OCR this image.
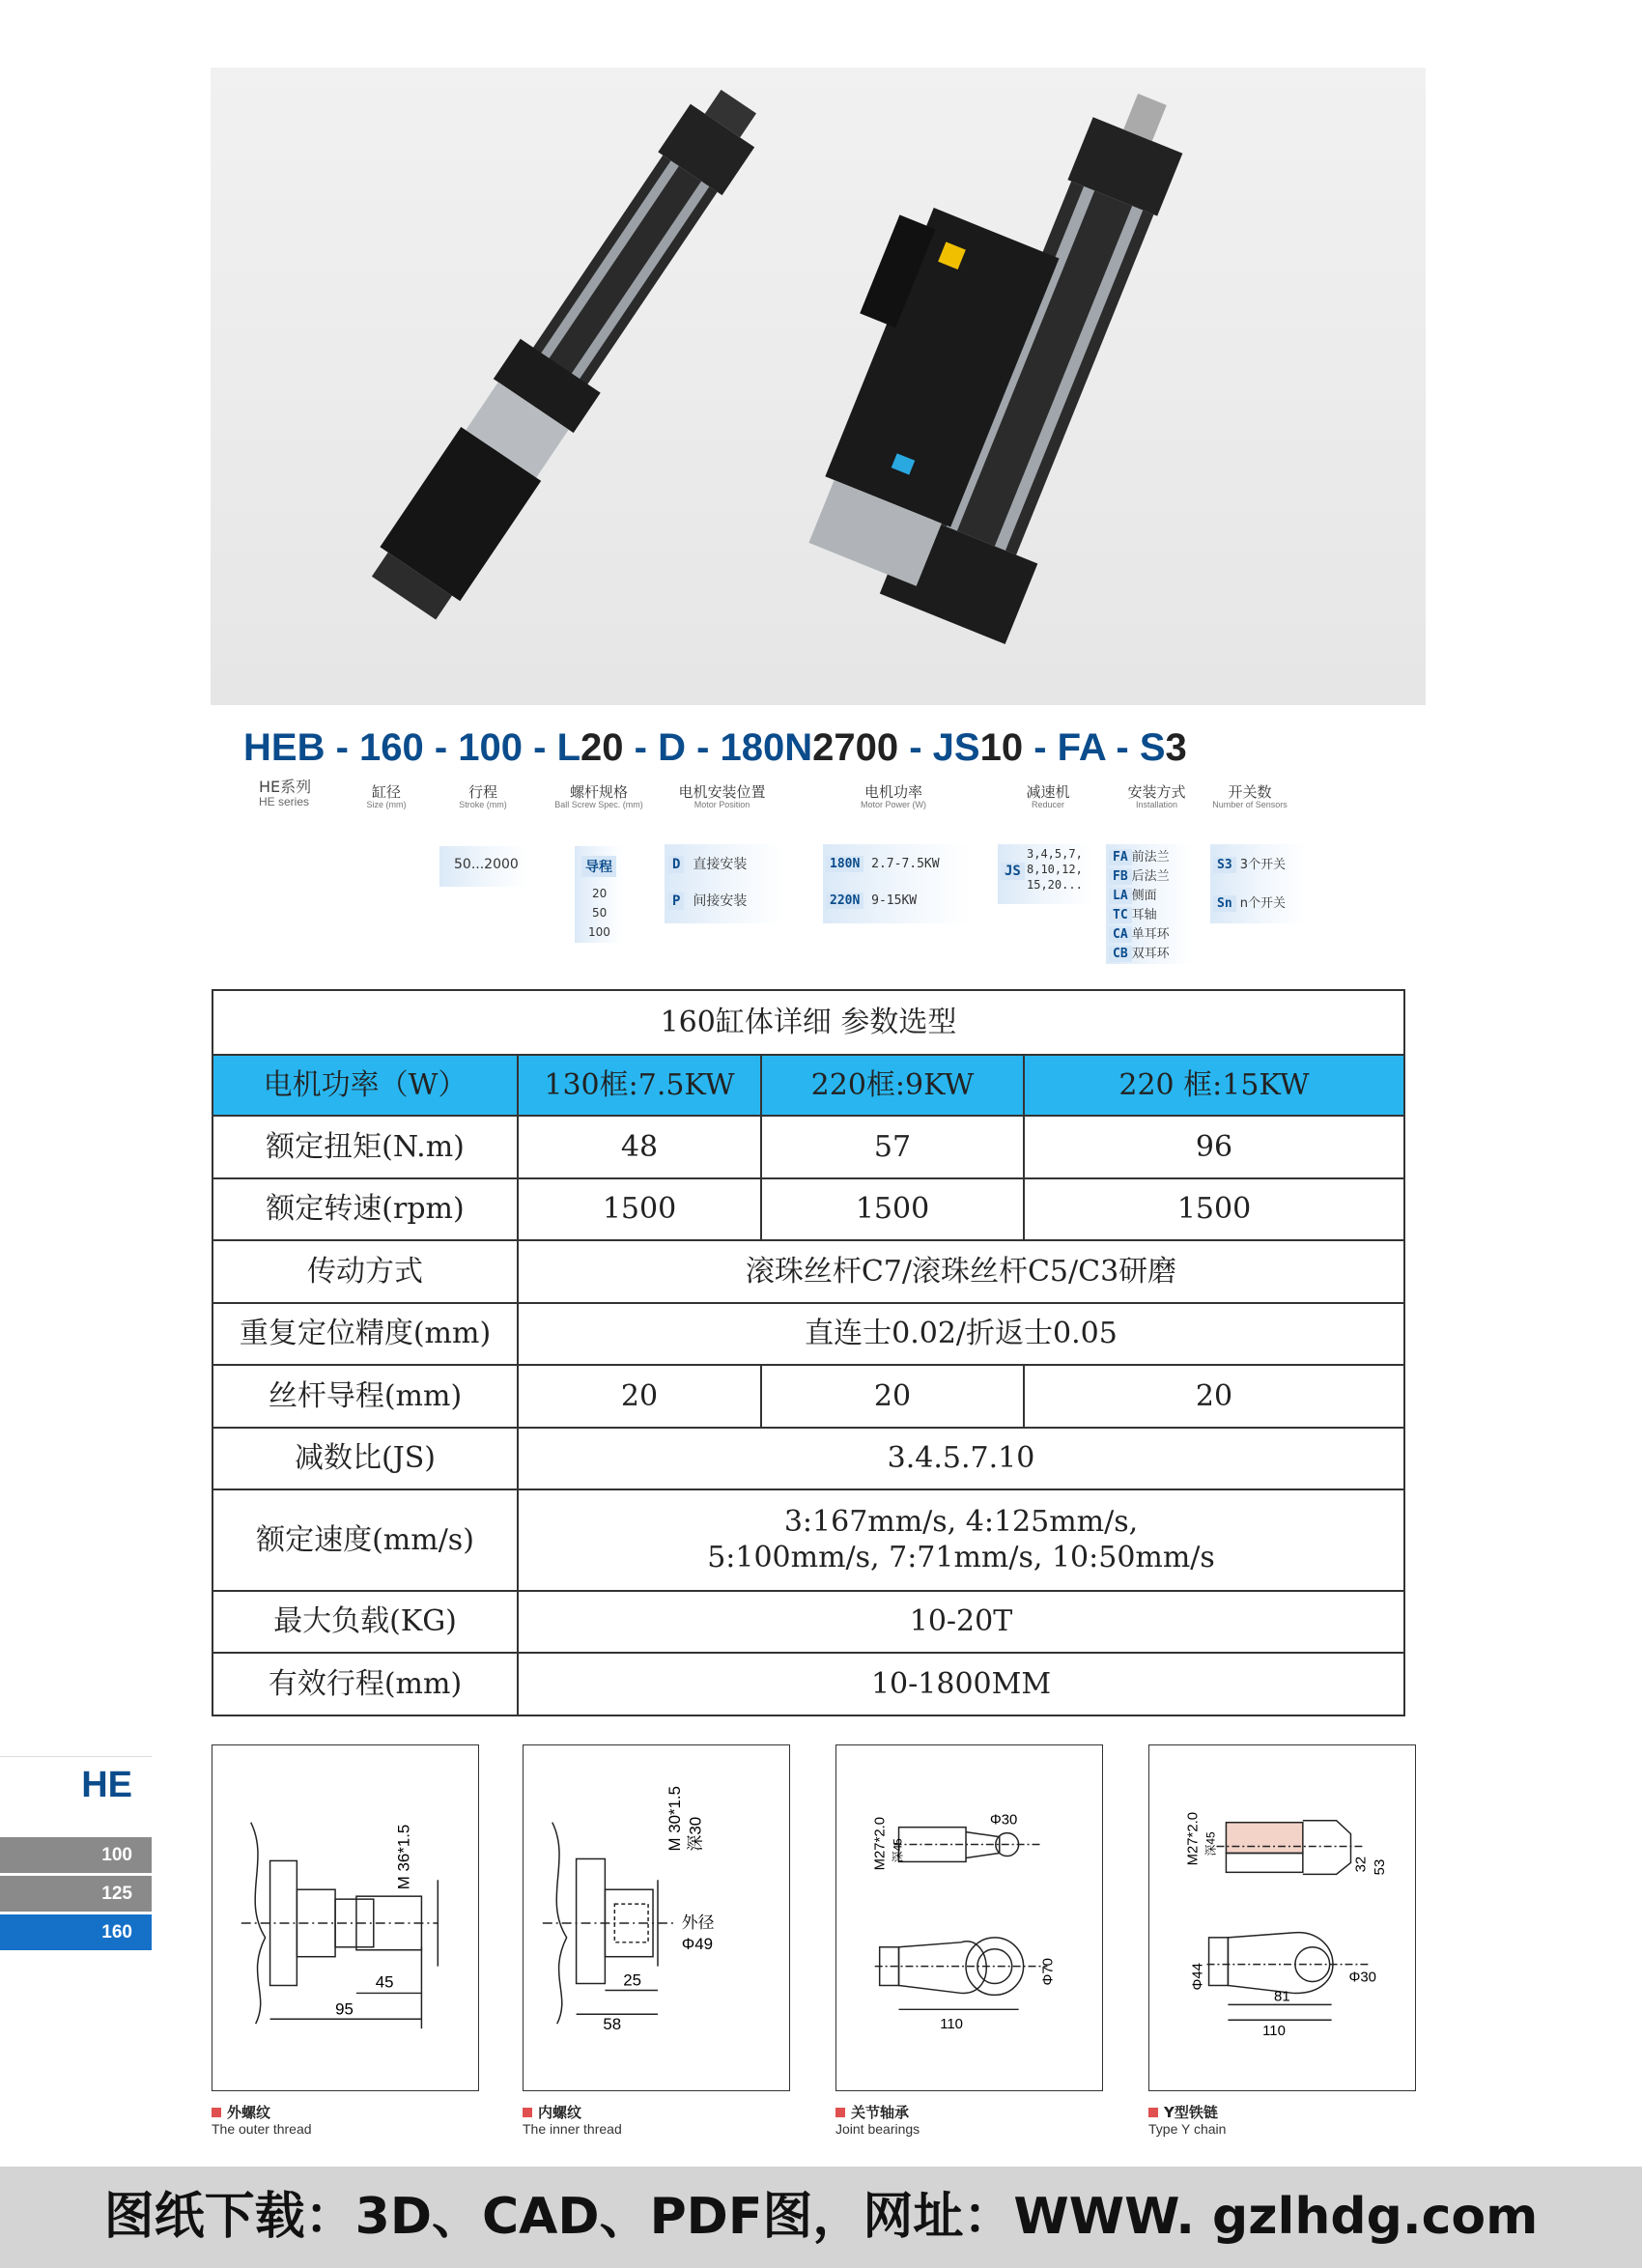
HEB - 160 - 100 - L20 - D - 180N2700 - JS10 - FA - S3
HE系列
HE series
缸径
Size (mm)
行程
Stroke (mm)
螺杆规格
Ball Screw Spec. (mm)
电机安装位置
Motor Position
电机功率
Motor Power (W)
减速机
Reducer
安装方式
Installation
开关数
Number of Sensors
50...2000	导程
20
50
100
D 直接安装
P 间接安装
180N 2.7-7.5KW
220N 9-15KW
JS
3,4,5,7,
8,10,12,
15,20...
FA 前法兰
FB 后法兰
LA 侧面
TC 耳轴
CA 单耳环
CB 双耳环
S3 3个开关
Sn n个开关
160缸体详细 参数选型			
电机功率（W）	130框:7.5KW	220框:9KW	220 框:15KW
额定扭矩(N.m)	48	57	96
额定转速(rpm)	1500	1500	1500
传动方式	滚珠丝杆C7/滚珠丝杆C5/C3研磨		
重复定位精度(mm)	直连士0.02/折返士0.05		
丝杆导程(mm)	20	20	20
减数比(JS)	3.4.5.7.10		
额定速度(mm/s)	3:167mm/s, 4:125mm/s,
5:100mm/s, 7:71mm/s, 10:50mm/s		

最大负载(KG)	10-20T		
有效行程(mm)	10-1800MM		
HE
100
125
160
M 36*1.5
45
95
外螺纹
The outer thread
M 30*1.5 深30
外径
Φ49
25
58
内螺纹
The inner thread
M27*2.0 深45
Φ30
Φ70
110
关节轴承
Joint bearings
M27*2.0 深45
32 53
Φ44
81
110
Φ30
Y型铁链
Type Y chain
图纸下载：3D、CAD、PDF图，网址：WWW. gzlhdg.com
